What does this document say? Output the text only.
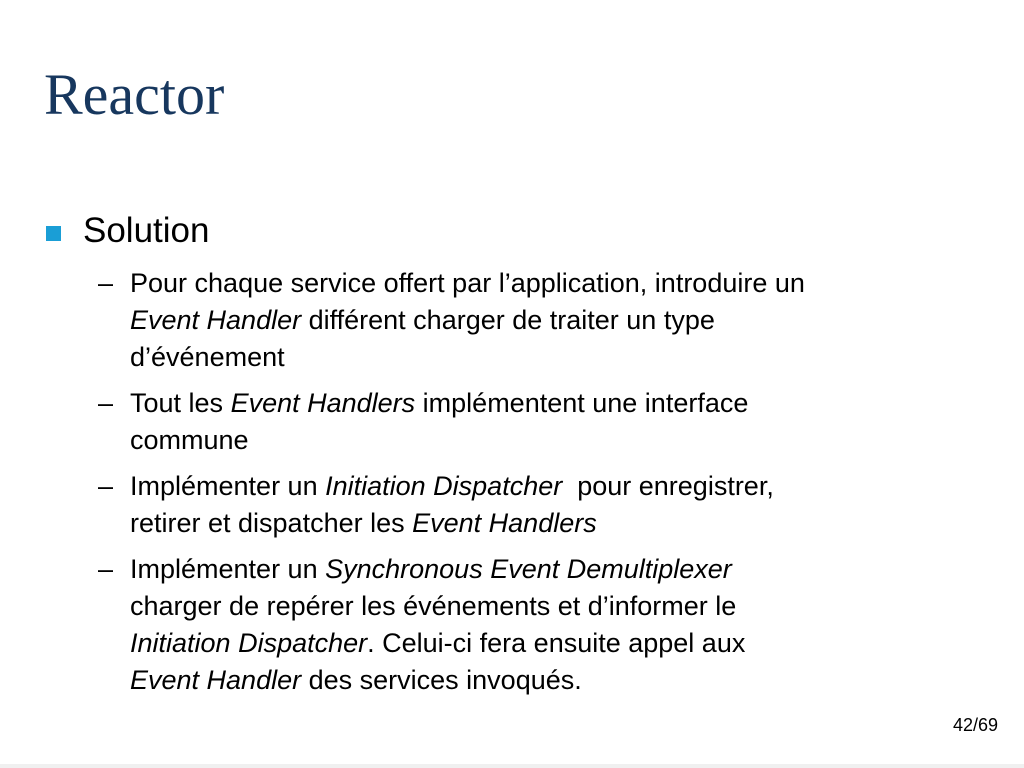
Reactor
Solution
– Pour chaque service offert par l’application, introduire un
Event Handler différent charger de traiter un type
d’événement
– Tout les Event Handlers implémentent une interface
commune
– Implémenter un Initiation Dispatcher  pour enregistrer,
retirer et dispatcher les Event Handlers
– Implémenter un Synchronous Event Demultiplexer
charger de repérer les événements et d’informer le
Initiation Dispatcher. Celui-ci fera ensuite appel aux
Event Handler des services invoqués.
42/69
